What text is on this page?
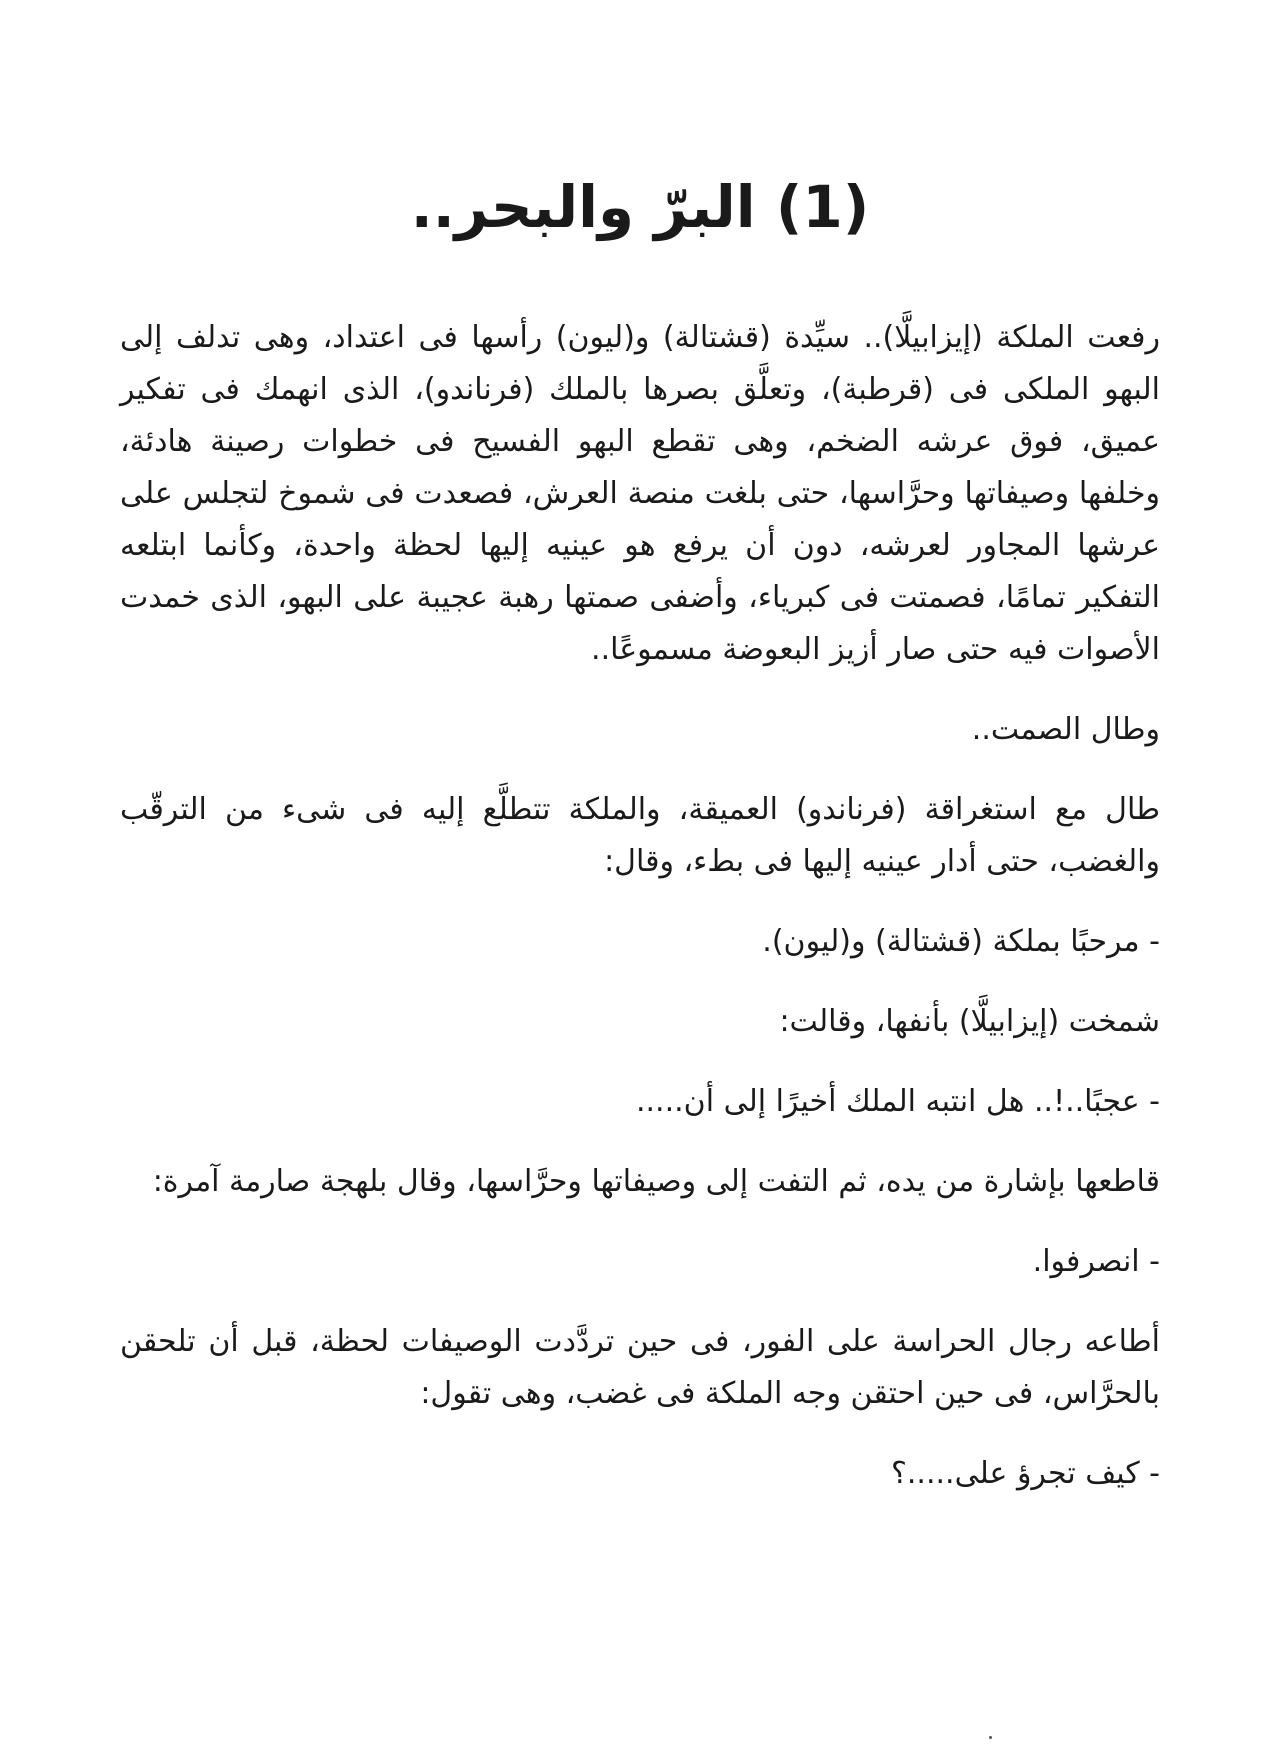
(1) البرّ والبحر..

رفعت الملكة (إيزابيلَّا).. سيِّدة (قشتالة) و(ليون) رأسها فى اعتداد، وهى تدلف إلى البهو الملكى فى (قرطبة)، وتعلَّق بصرها بالملك (فرناندو)، الذى انهمك فى تفكير عميق، فوق عرشه الضخم، وهى تقطع البهو الفسيح فى خطوات رصينة هادئة، وخلفها وصيفاتها وحرَّاسها، حتى بلغت منصة العرش، فصعدت فى شموخ لتجلس على عرشها المجاور لعرشه، دون أن يرفع هو عينيه إليها لحظة واحدة، وكأنما ابتلعه التفكير تمامًا، فصمتت فى كبرياء، وأضفى صمتها رهبة عجيبة على البهو، الذى خمدت الأصوات فيه حتى صار أزيز البعوضة مسموعًا..

وطال الصمت..

طال مع استغراقة (فرناندو) العميقة، والملكة تتطلَّع إليه فى شىء من الترقّب والغضب، حتى أدار عينيه إليها فى بطء، وقال:

- مرحبًا بملكة (قشتالة) و(ليون).

شمخت (إيزابيلَّا) بأنفها، وقالت:

- عجبًا..!.. هل انتبه الملك أخيرًا إلى أن.....

قاطعها بإشارة من يده، ثم التفت إلى وصيفاتها وحرَّاسها، وقال بلهجة صارمة آمرة:

- انصرفوا.

أطاعه رجال الحراسة على الفور، فى حين تردَّدت الوصيفات لحظة، قبل أن تلحقن بالحرَّاس، فى حين احتقن وجه الملكة فى غضب، وهى تقول:

- كيف تجرؤ على.....؟
